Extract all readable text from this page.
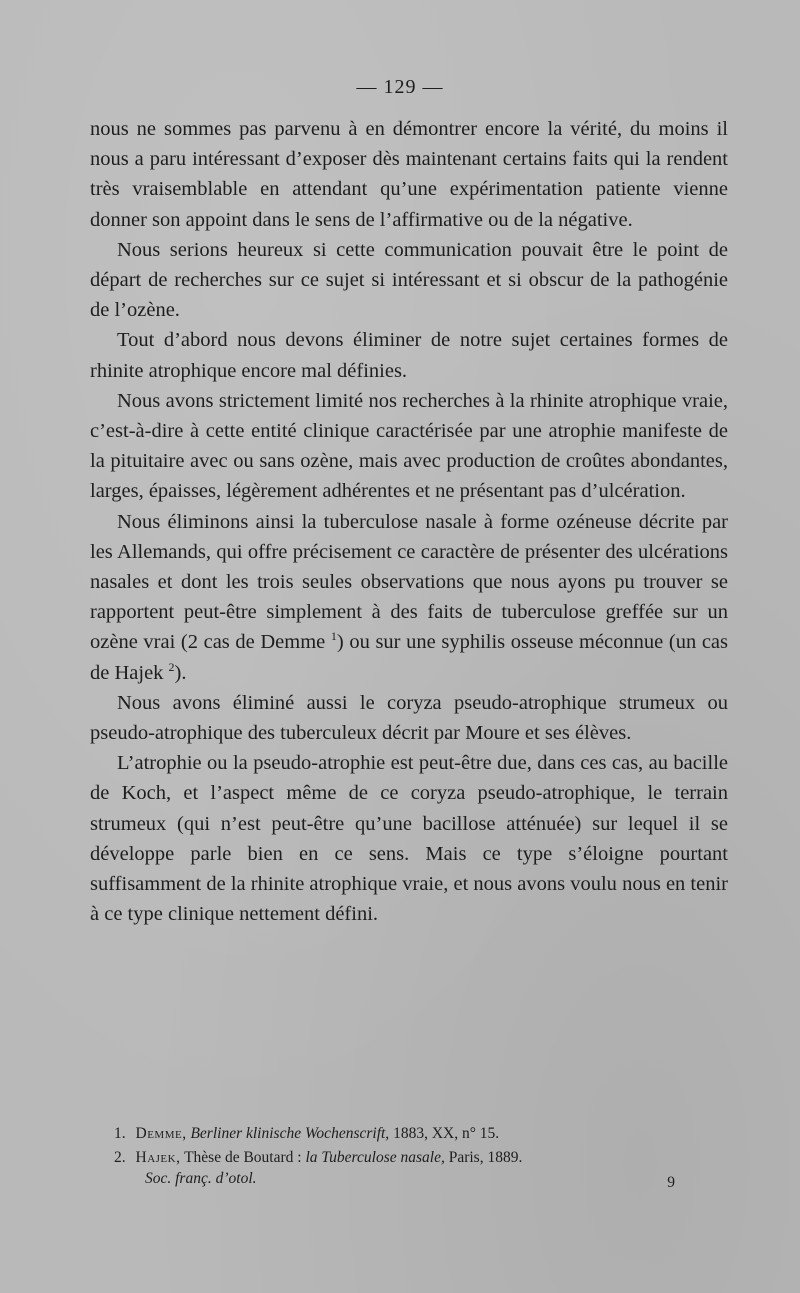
— 129 —

nous ne sommes pas parvenu à en démontrer encore la vérité, du moins il nous a paru intéressant d’exposer dès maintenant certains faits qui la rendent très vraisemblable en attendant qu’une expérimentation patiente vienne donner son appoint dans le sens de l’affirmative ou de la négative.

Nous serions heureux si cette communication pouvait être le point de départ de recherches sur ce sujet si intéressant et si obscur de la pathogénie de l’ozène.

Tout d’abord nous devons éliminer de notre sujet certaines formes de rhinite atrophique encore mal définies.

Nous avons strictement limité nos recherches à la rhinite atrophique vraie, c’est-à-dire à cette entité clinique caractérisée par une atrophie manifeste de la pituitaire avec ou sans ozène, mais avec production de croûtes abondantes, larges, épaisses, légèrement adhérentes et ne présentant pas d’ulcération.

Nous éliminons ainsi la tuberculose nasale à forme ozéneuse décrite par les Allemands, qui offre précisement ce caractère de présenter des ulcérations nasales et dont les trois seules observations que nous ayons pu trouver se rapportent peut-être simplement à des faits de tuberculose greffée sur un ozène vrai (2 cas de Demme $^1$) ou sur une syphilis osseuse méconnue (un cas de Hajek $^2$).

Nous avons éliminé aussi le coryza pseudo-atrophique strumeux ou pseudo-atrophique des tuberculeux décrit par Moure et ses élèves.

L’atrophie ou la pseudo-atrophie est peut-être due, dans ces cas, au bacille de Koch, et l’aspect même de ce coryza pseudo-atrophique, le terrain strumeux (qui n’est peut-être qu’une bacillose atténuée) sur lequel il se développe parle bien en ce sens. Mais ce type s’éloigne pourtant suffisamment de la rhinite atrophique vraie, et nous avons voulu nous en tenir à ce type clinique nettement défini.

1. Demme, Berliner klinische Wochenscrift, 1883, XX, n° 15.
2. Hajek, Thèse de Boutard : la Tuberculose nasale, Paris, 1889.
Soc. franç. d’otol.	9
